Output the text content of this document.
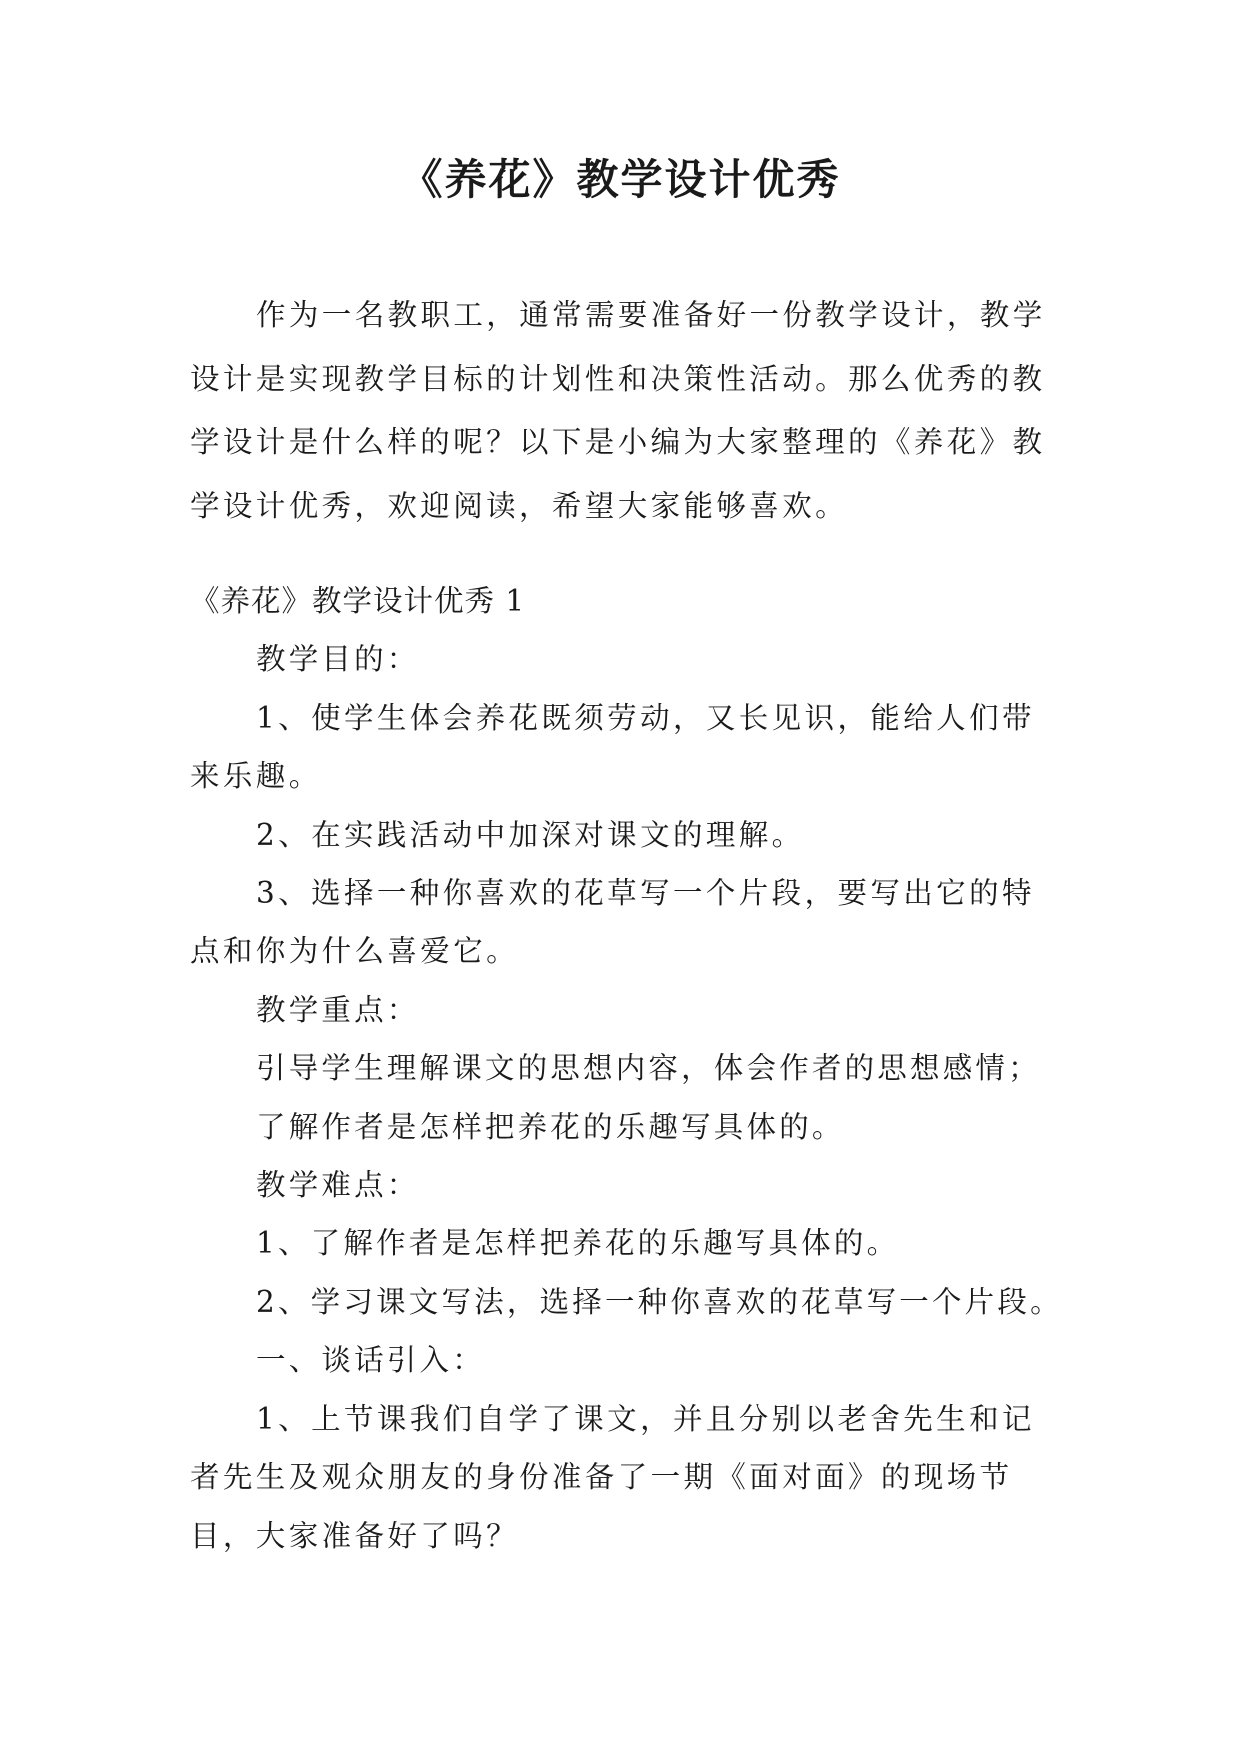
《养花》教学设计优秀

作为一名教职工，通常需要准备好一份教学设计，教学设计是实现教学目标的计划性和决策性活动。那么优秀的教学设计是什么样的呢？以下是小编为大家整理的《养花》教学设计优秀，欢迎阅读，希望大家能够喜欢。

《养花》教学设计优秀 1

教学目的：

1、使学生体会养花既须劳动，又长见识，能给人们带来乐趣。

2、在实践活动中加深对课文的理解。

3、选择一种你喜欢的花草写一个片段，要写出它的特点和你为什么喜爱它。

教学重点：

引导学生理解课文的思想内容，体会作者的思想感情；

了解作者是怎样把养花的乐趣写具体的。

教学难点：

1、了解作者是怎样把养花的乐趣写具体的。

2、学习课文写法，选择一种你喜欢的花草写一个片段。

一、谈话引入：

1、上节课我们自学了课文，并且分别以老舍先生和记者先生及观众朋友的身份准备了一期《面对面》的现场节目，大家准备好了吗？
